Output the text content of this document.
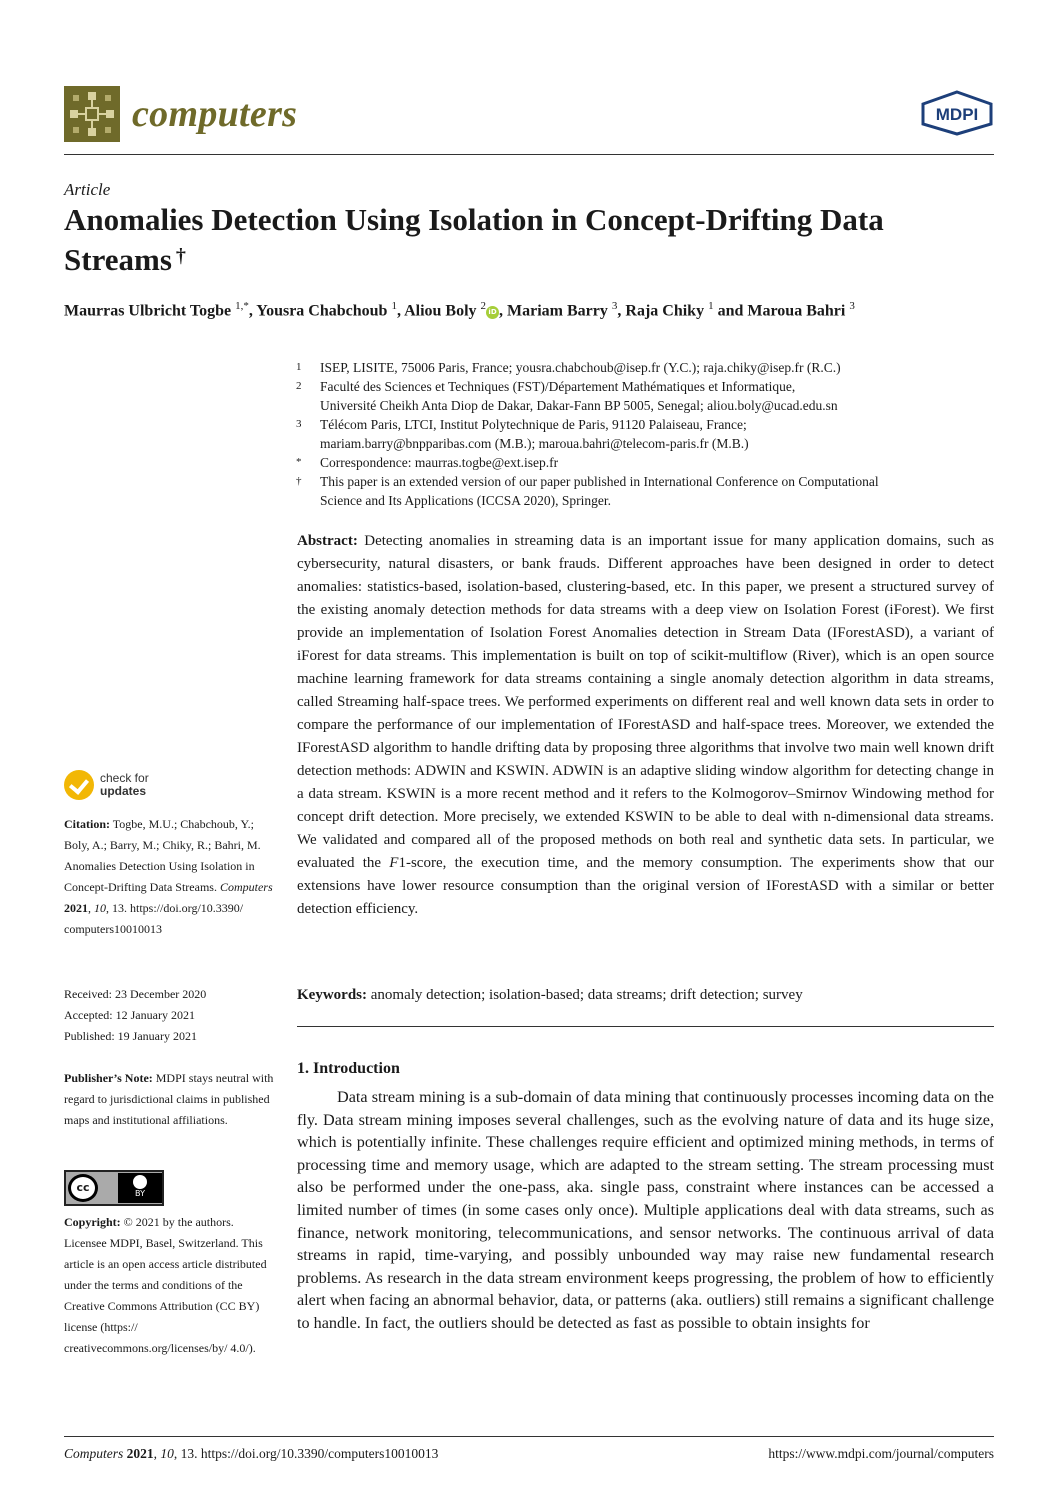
computers	MDPI
Article
Anomalies Detection Using Isolation in Concept-Drifting Data Streams †
Maurras Ulbricht Togbe $^{1,*}$, Yousra Chabchoub $^1$, Aliou Boly $^2$iD , Mariam Barry $^3$, Raja Chiky $^1$ and Maroua Bahri $^3$
1	ISEP, LISITE, 75006 Paris, France; yousra.chabchoub@isep.fr (Y.C.); raja.chiky@isep.fr (R.C.)
2	Faculté des Sciences et Techniques (FST)/Département Mathématiques et Informatique,
Université Cheikh Anta Diop de Dakar, Dakar-Fann BP 5005, Senegal; aliou.boly@ucad.edu.sn
3	Télécom Paris, LTCI, Institut Polytechnique de Paris, 91120 Palaiseau, France;
mariam.barry@bnpparibas.com (M.B.); maroua.bahri@telecom-paris.fr (M.B.)
*	Correspondence: maurras.togbe@ext.isep.fr
†	This paper is an extended version of our paper published in International Conference on Computational
Science and Its Applications (ICCSA 2020), Springer.
Abstract: Detecting anomalies in streaming data is an important issue for many application domains, such as cybersecurity, natural disasters, or bank frauds. Different approaches have been designed in order to detect anomalies: statistics-based, isolation-based, clustering-based, etc. In this paper, we present a structured survey of the existing anomaly detection methods for data streams with a deep view on Isolation Forest (iForest). We first provide an implementation of Isolation Forest Anomalies detection in Stream Data (IForestASD), a variant of iForest for data streams. This implementation is built on top of scikit-multiflow (River), which is an open source machine learning framework for data streams containing a single anomaly detection algorithm in data streams, called Streaming half-space trees. We performed experiments on different real and well known data sets in order to compare the performance of our implementation of IForestASD and half-space trees. Moreover, we extended the IForestASD algorithm to handle drifting data by proposing three algorithms that involve two main well known drift detection methods: ADWIN and KSWIN. ADWIN is an adaptive sliding window algorithm for detecting change in a data stream. KSWIN is a more recent method and it refers to the Kolmogorov–Smirnov Windowing method for concept drift detection. More precisely, we extended KSWIN to be able to deal with n-dimensional data streams. We validated and compared all of the proposed methods on both real and synthetic data sets. In particular, we evaluated the F1-score, the execution time, and the memory consumption. The experiments show that our extensions have lower resource consumption than the original version of IForestASD with a similar or better detection efficiency.
Keywords: anomaly detection; isolation-based; data streams; drift detection; survey
1. Introduction
Data stream mining is a sub-domain of data mining that continuously processes incoming data on the fly. Data stream mining imposes several challenges, such as the evolving nature of data and its huge size, which is potentially infinite. These challenges require efficient and optimized mining methods, in terms of processing time and memory usage, which are adapted to the stream setting. The stream processing must also be performed under the one-pass, aka. single pass, constraint where instances can be accessed a limited number of times (in some cases only once). Multiple applications deal with data streams, such as finance, network monitoring, telecommunications, and sensor networks. The continuous arrival of data streams in rapid, time-varying, and possibly unbounded way may raise new fundamental research problems. As research in the data stream environment keeps progressing, the problem of how to efficiently alert when facing an abnormal behavior, data, or patterns (aka. outliers) still remains a significant challenge to handle. In fact, the outliers should be detected as fast as possible to obtain insights for
check for
updates
Citation: Togbe, M.U.; Chabchoub, Y.; Boly, A.; Barry, M.; Chiky, R.; Bahri, M. Anomalies Detection Using Isolation in Concept-Drifting Data Streams. Computers 2021, 10, 13. https://doi.org/10.3390/ computers10010013
Received: 23 December 2020
Accepted: 12 January 2021
Published: 19 January 2021
Publisher’s Note: MDPI stays neutral with regard to jurisdictional claims in published maps and institutional affiliations.
cc	BY
Copyright: © 2021 by the authors. Licensee MDPI, Basel, Switzerland. This article is an open access article distributed under the terms and conditions of the Creative Commons Attribution (CC BY) license (https:// creativecommons.org/licenses/by/ 4.0/).
Computers 2021, 10, 13. https://doi.org/10.3390/computers10010013	https://www.mdpi.com/journal/computers
